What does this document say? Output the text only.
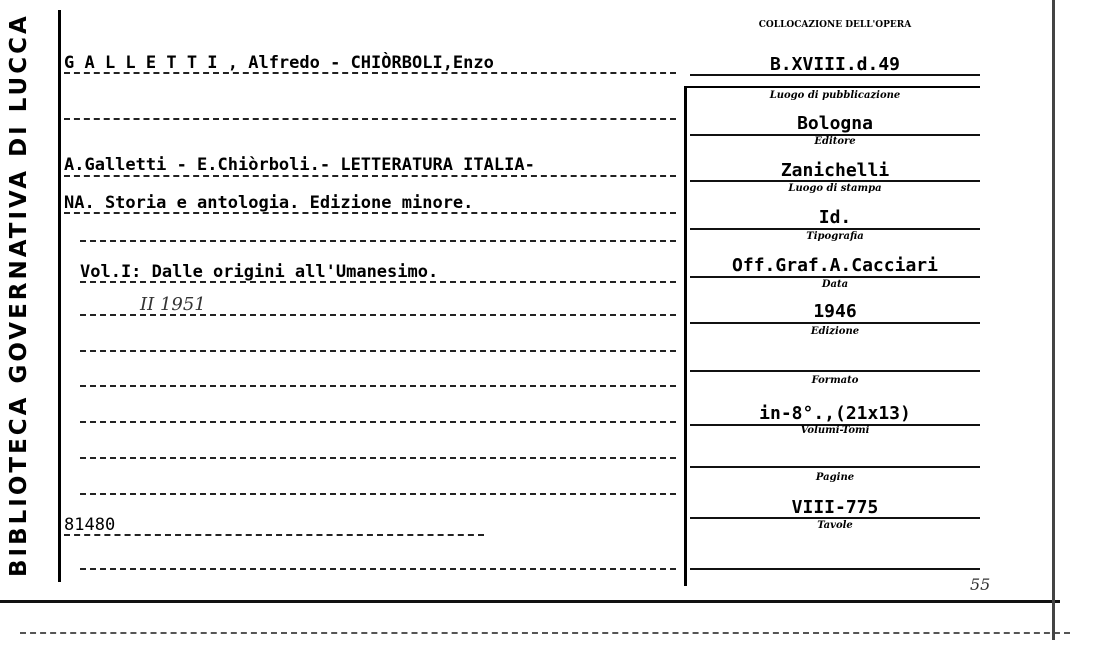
BIBLIOTECA GOVERNATIVA DI LUCCA	COLLOCAZIONE DELL'OPERA
B.XVIII.d.49
G A L L E T T I , Alfredo - CHIÒRBOLI,Enzo
A.Galletti - E.Chiòrboli.- LETTERATURA ITALIA-
NA. Storia e antologia. Edizione minore.
Vol.I: Dalle origini all'Umanesimo.
II 1951
81480
Luogo di pubblicazione
Bologna
Editore
Zanichelli
Luogo di stampa
Id.
Tipografia
Off.Graf.A.Cacciari
Data
1946
Edizione
Formato
in-8°.,(21x13)
Volumi-Tomi
Pagine
VIII-775
Tavole
55
